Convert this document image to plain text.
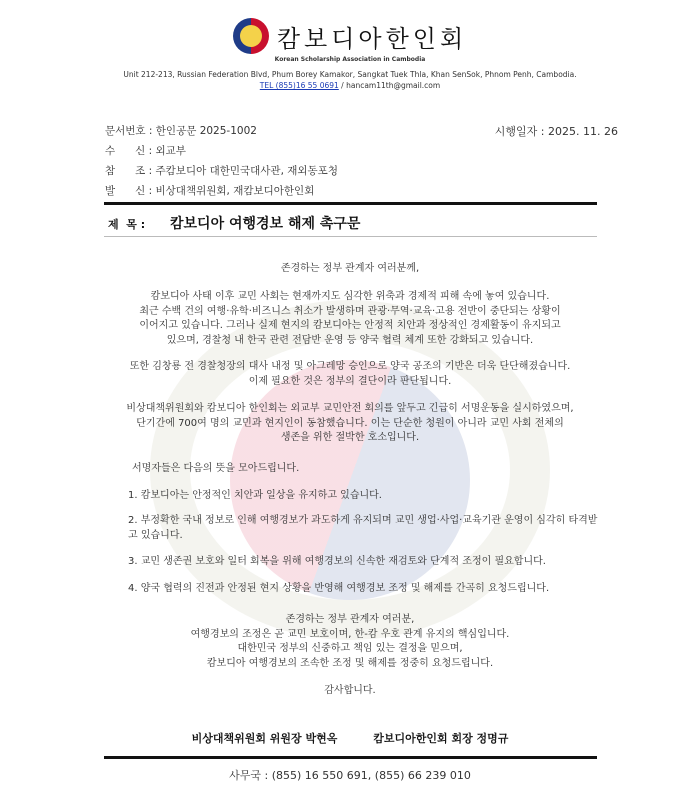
캄보디아한인회
Korean Scholarship Association in Cambodia
Unit 212-213, Russian Federation Blvd, Phum Borey Kamakor, Sangkat Tuek Thla, Khan SenSok, Phnom Penh, Cambodia.
TEL (855)16 55 0691 / hancam11th@gmail.com
문서번호 : 한인공문 2025-1002	시행일자 : 2025. 11. 26
수      신 : 외교부
참      조 : 주캄보디아 대한민국대사관, 재외동포청
발      신 : 비상대책위원회, 재캄보디아한인회
제  목 : 캄보디아 여행경보 해제 촉구문
존경하는 정부 관계자 여러분께,
캄보디아 사태 이후 교민 사회는 현재까지도 심각한 위축과 경제적 피해 속에 놓여 있습니다.
최근 수백 건의 여행·유학·비즈니스 취소가 발생하며 관광·무역·교육·고용 전반이 중단되는 상황이
이어지고 있습니다. 그러나 실제 현지의 캄보디아는 안정적 치안과 정상적인 경제활동이 유지되고
있으며, 경찰청 내 한국 관련 전담반 운영 등 양국 협력 체계 또한 강화되고 있습니다.
또한 김창룡 전 경찰청장의 대사 내정 및 아그레망 승인으로 양국 공조의 기반은 더욱 단단해졌습니다.
이제 필요한 것은 정부의 결단이라 판단됩니다.
비상대책위원회와 캄보디아 한인회는 외교부 교민안전 회의를 앞두고 긴급히 서명운동을 실시하였으며,
단기간에 700여 명의 교민과 현지인이 동참했습니다. 이는 단순한 청원이 아니라 교민 사회 전체의
생존을 위한 절박한 호소입니다.
서명자들은 다음의 뜻을 모아드립니다.
1. 캄보디아는 안정적인 치안과 일상을 유지하고 있습니다.
2. 부정확한 국내 정보로 인해 여행경보가 과도하게 유지되며 교민 생업·사업·교육기관 운영이 심각히 타격받고 있습니다.
3. 교민 생존권 보호와 일터 회복을 위해 여행경보의 신속한 재검토와 단계적 조정이 필요합니다.
4. 양국 협력의 진전과 안정된 현지 상황을 반영해 여행경보 조정 및 해제를 간곡히 요청드립니다.
존경하는 정부 관계자 여러분,
여행경보의 조정은 곧 교민 보호이며, 한-캄 우호 관계 유지의 핵심입니다.
대한민국 정부의 신중하고 책임 있는 결정을 믿으며,
캄보디아 여행경보의 조속한 조정 및 해제를 정중히 요청드립니다.
감사합니다.
비상대책위원회 위원장 박현옥	캄보디아한인회 회장 정명규
사무국 : (855) 16 550 691, (855) 66 239 010
